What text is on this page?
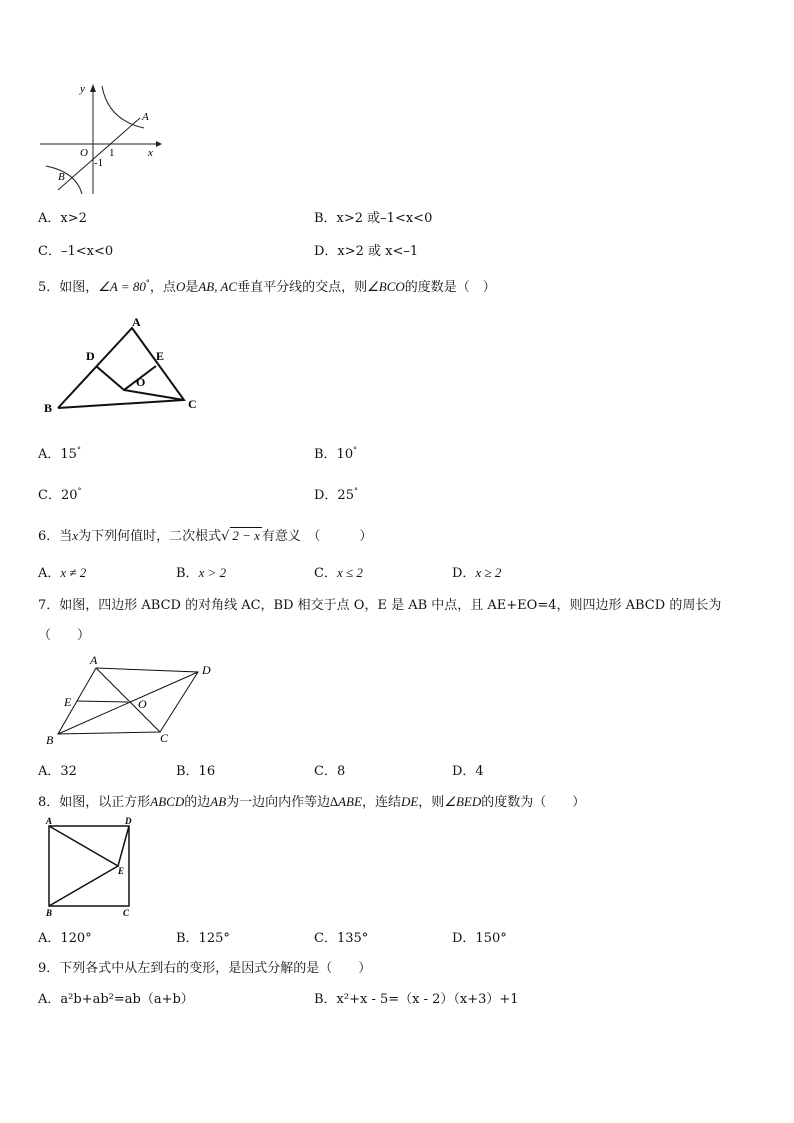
y
x
O 1
-1
A
B
A．x>2	B．x>2 或–1<x<0
C．–1<x<0	D．x>2 或 x<–1
5．如图，∠A = 80°，点O是AB, AC垂直平分线的交点，则∠BCO的度数是（　）
A
B	C
D	E
O
A．15°	B．10°
C．20°	D．25°
6．当x为下列何值时，二次根式√ 2 − x 有意义　（　　　）
A．x ≠ 2	B．x > 2	C．x ≤ 2	D．x ≥ 2
7．如图，四边形 ABCD 的对角线 AC，BD 相交于点 O，E 是 AB 中点，且 AE+EO=4，则四边形 ABCD 的周长为
（　　）
A
B	C
D
E	O
A．32	B．16	C．8	D．4
8．如图，以正方形ABCD的边AB为一边向内作等边∆ABE，连结DE，则∠BED的度数为（　　）
A
B	C
D
E
A．120°	B．125°	C．135°	D．150°
9．下列各式中从左到右的变形，是因式分解的是（　　）
A．a²b+ab²=ab（a+b）	B．x²+x - 5=（x - 2）（x+3）+1
